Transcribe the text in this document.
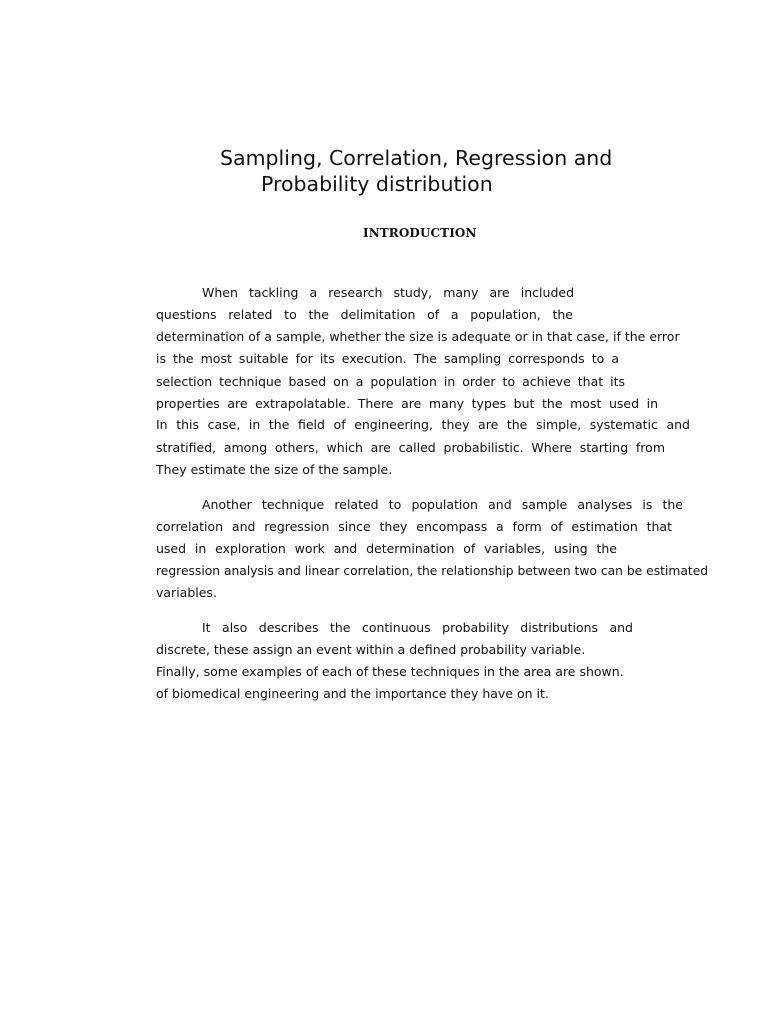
Sampling, Correlation, Regression and
Probability distribution
INTRODUCTION
When tackling a research study, many are included
questions related to the delimitation of a population, the
determination of a sample, whether the size is adequate or in that case, if the error
is the most suitable for its execution. The sampling corresponds to a
selection technique based on a population in order to achieve that its
properties are extrapolatable. There are many types but the most used in
In this case, in the field of engineering, they are the simple, systematic and
stratified, among others, which are called probabilistic. Where starting from
They estimate the size of the sample.
Another technique related to population and sample analyses is the
correlation and regression since they encompass a form of estimation that
used in exploration work and determination of variables, using the
regression analysis and linear correlation, the relationship between two can be estimated
variables.
It also describes the continuous probability distributions and
discrete, these assign an event within a defined probability variable.
Finally, some examples of each of these techniques in the area are shown.
of biomedical engineering and the importance they have on it.
